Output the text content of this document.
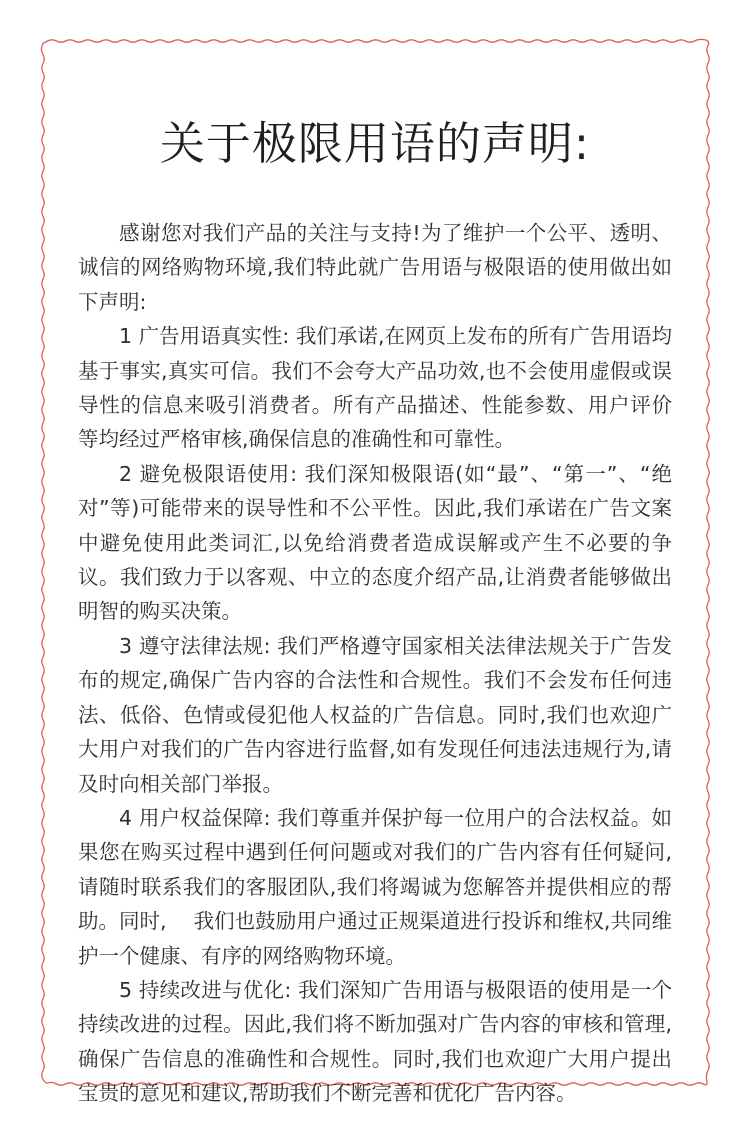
关于极限用语的声明:

感谢您对我们产品的关注与支持!为了维护一个公平、透明、诚信的网络购物环境,我们特此就广告用语与极限语的使用做出如下声明:

1 广告用语真实性: 我们承诺,在网页上发布的所有广告用语均基于事实,真实可信。我们不会夸大产品功效,也不会使用虚假或误导性的信息来吸引消费者。所有产品描述、性能参数、用户评价等均经过严格审核,确保信息的准确性和可靠性。

2 避免极限语使用: 我们深知极限语(如“最”、“第一”、“绝对”等)可能带来的误导性和不公平性。因此,我们承诺在广告文案中避免使用此类词汇,以免给消费者造成误解或产生不必要的争议。我们致力于以客观、中立的态度介绍产品,让消费者能够做出明智的购买决策。

3 遵守法律法规: 我们严格遵守国家相关法律法规关于广告发布的规定,确保广告内容的合法性和合规性。我们不会发布任何违法、低俗、色情或侵犯他人权益的广告信息。同时,我们也欢迎广大用户对我们的广告内容进行监督,如有发现任何违法违规行为,请及时向相关部门举报。

4 用户权益保障: 我们尊重并保护每一位用户的合法权益。如果您在购买过程中遇到任何问题或对我们的广告内容有任何疑问,请随时联系我们的客服团队,我们将竭诚为您解答并提供相应的帮助。同时,　 我们也鼓励用户通过正规渠道进行投诉和维权,共同维护一个健康、有序的网络购物环境。

5 持续改进与优化: 我们深知广告用语与极限语的使用是一个持续改进的过程。因此,我们将不断加强对广告内容的审核和管理,确保广告信息的准确性和合规性。同时,我们也欢迎广大用户提出宝贵的意见和建议,帮助我们不断完善和优化广告内容。
